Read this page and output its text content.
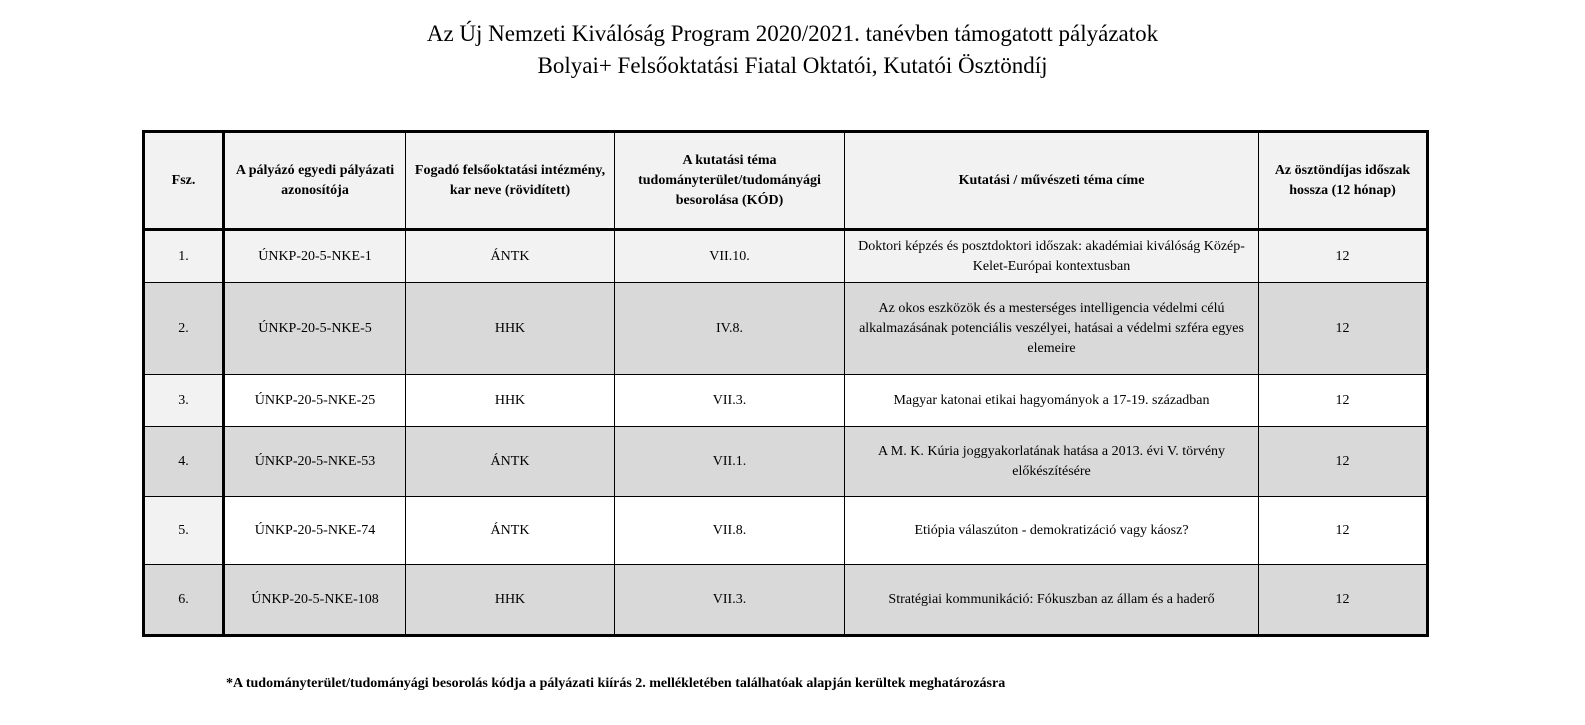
Az Új Nemzeti Kiválóság Program 2020/2021. tanévben támogatott pályázatok
Bolyai+ Felsőoktatási Fiatal Oktatói, Kutatói Ösztöndíj
Fsz.	A pályázó egyedi pályázati azonosítója	Fogadó felsőoktatási intézmény, kar neve (rövidített)	A kutatási téma tudományterület/tudományági besorolása (KÓD)	Kutatási / művészeti téma címe	Az ösztöndíjas időszak hossza (12 hónap)
1.	ÚNKP-20-5-NKE-1	ÁNTK	VII.10.	Doktori képzés és posztdoktori időszak: akadémiai kiválóság Közép-Kelet-Európai kontextusban	12
2.	ÚNKP-20-5-NKE-5	HHK	IV.8.	Az okos eszközök és a mesterséges intelligencia védelmi célú alkalmazásának potenciális veszélyei, hatásai a védelmi szféra egyes elemeire	12
3.	ÚNKP-20-5-NKE-25	HHK	VII.3.	Magyar katonai etikai hagyományok a 17-19. században	12
4.	ÚNKP-20-5-NKE-53	ÁNTK	VII.1.	A M. K. Kúria joggyakorlatának hatása a 2013. évi V. törvény előkészítésére	12
5.	ÚNKP-20-5-NKE-74	ÁNTK	VII.8.	Etiópia válaszúton - demokratizáció vagy káosz?	12
6.	ÚNKP-20-5-NKE-108	HHK	VII.3.	Stratégiai kommunikáció: Fókuszban az állam és a haderő	12
*A tudományterület/tudományági besorolás kódja a pályázati kiírás 2. mellékletében találhatóak alapján kerültek meghatározásra
